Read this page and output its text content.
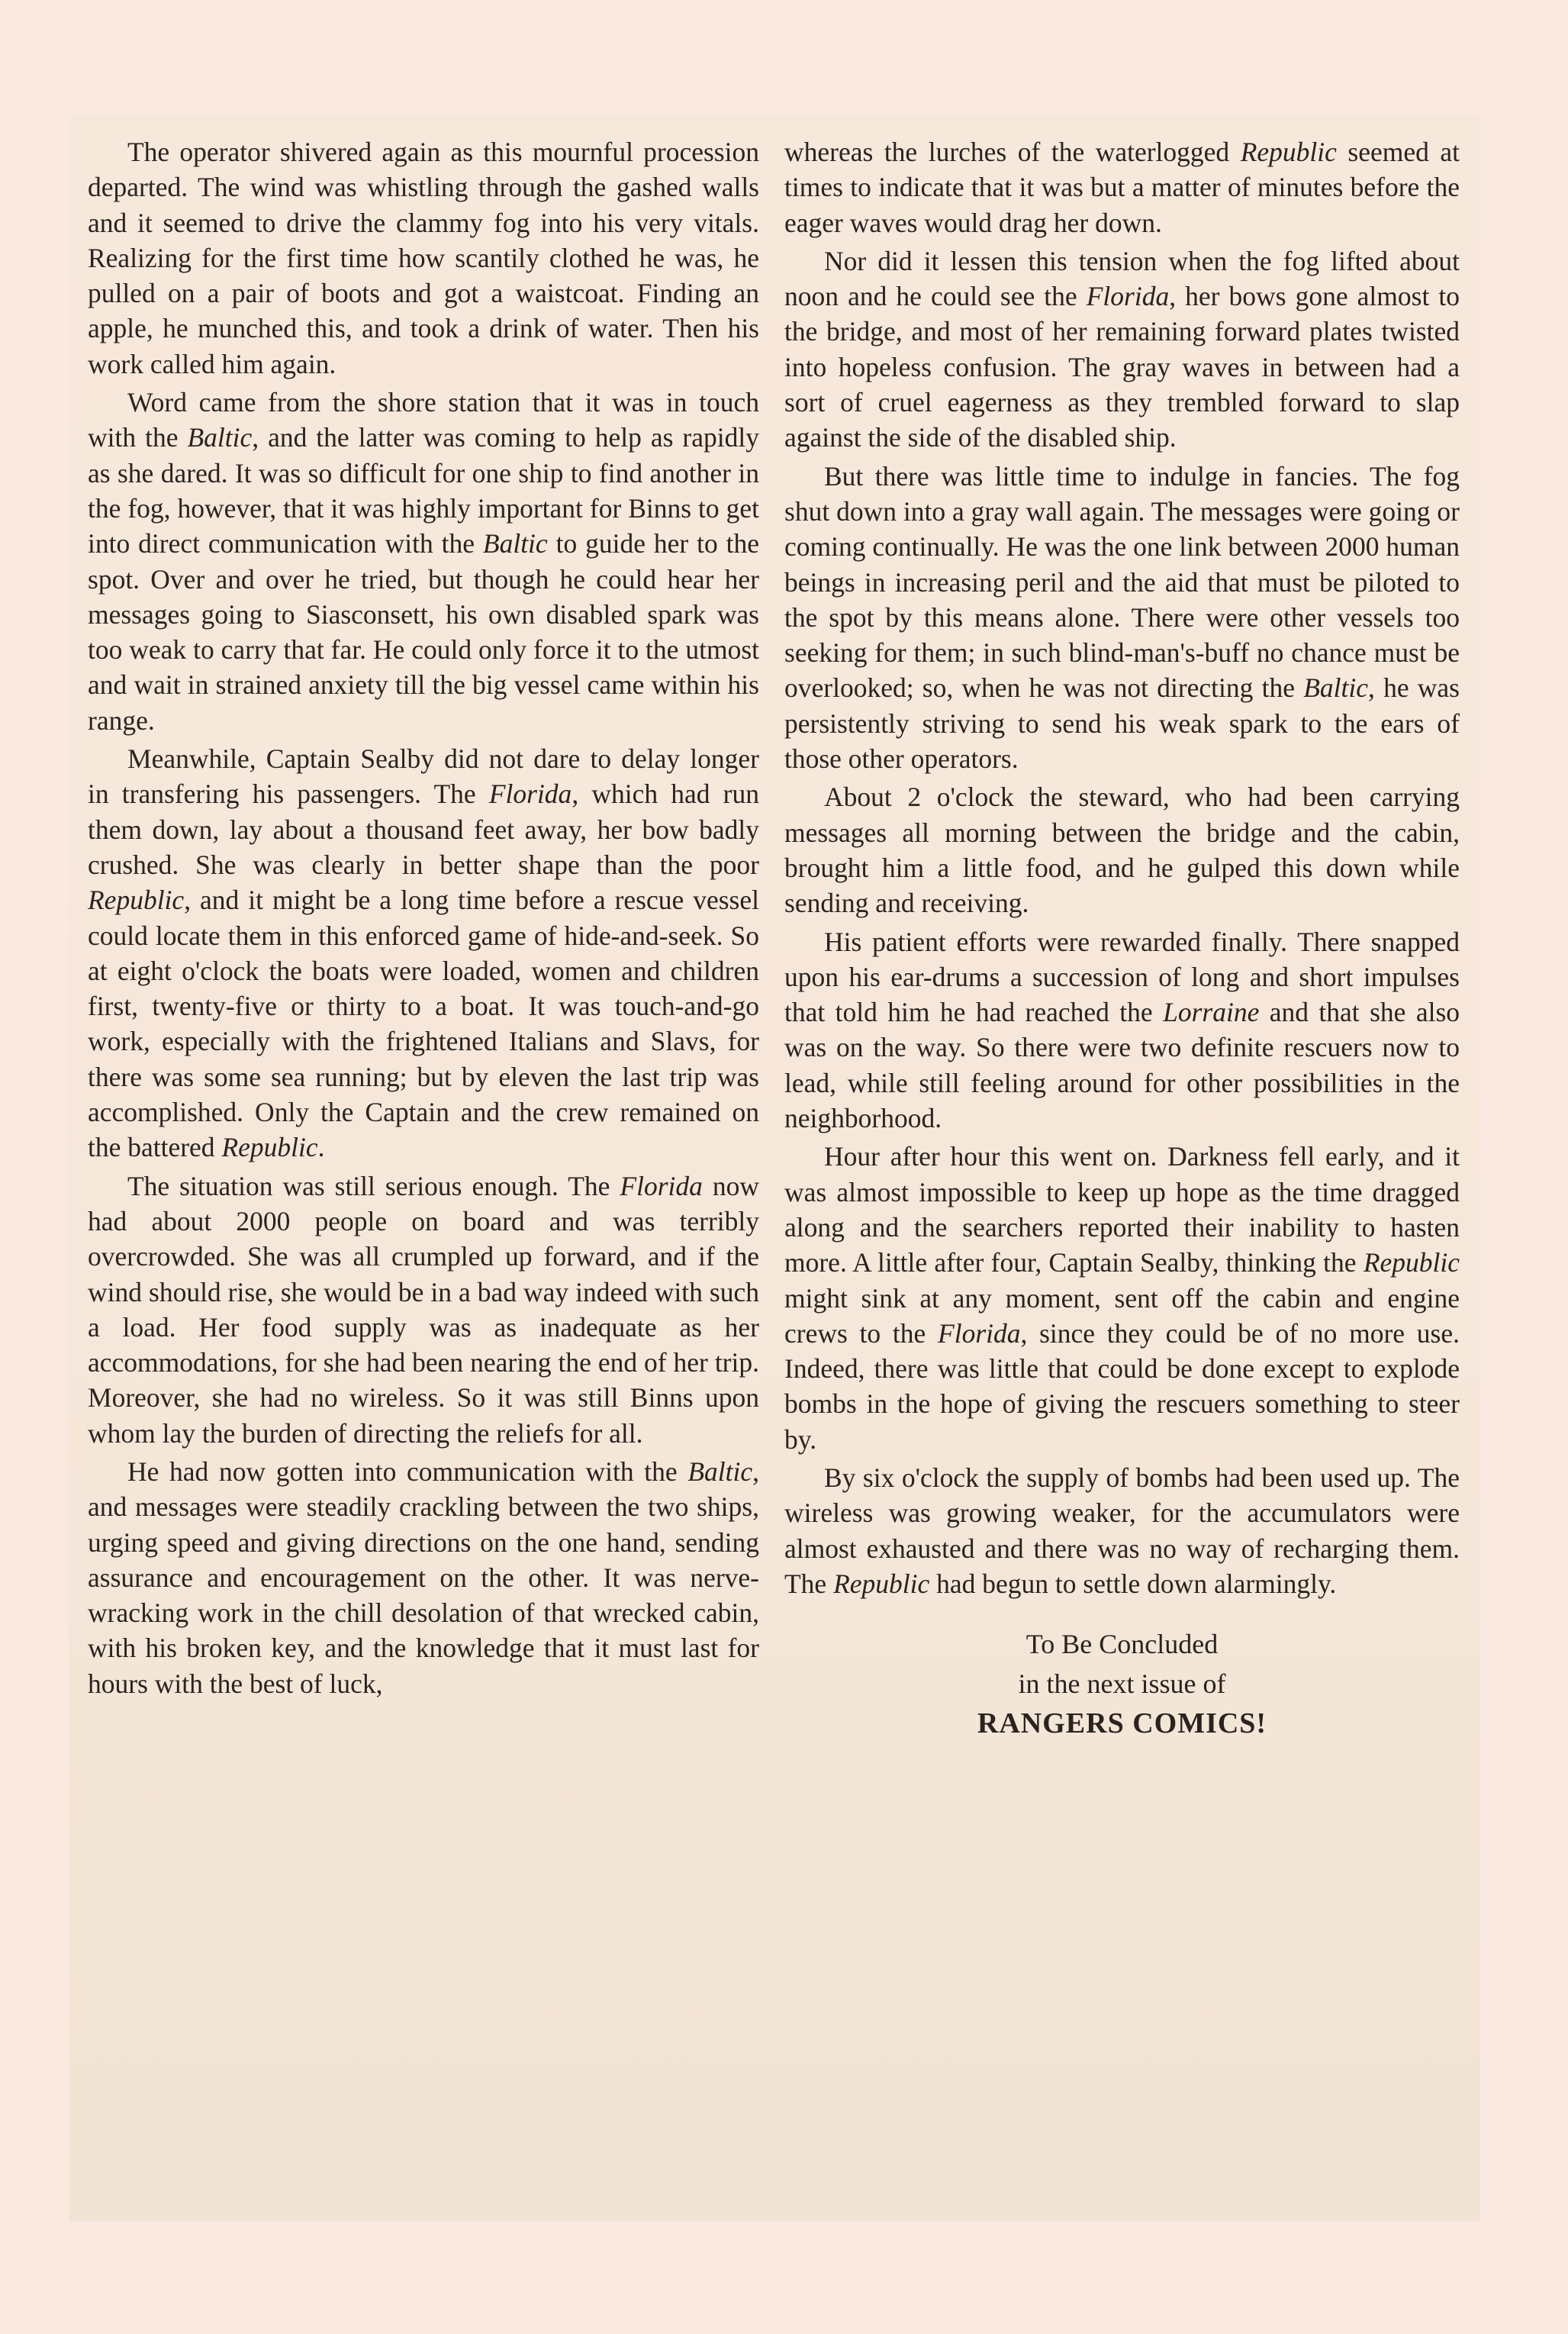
The operator shivered again as this mournful procession departed. The wind was whistling through the gashed walls and it seemed to drive the clammy fog into his very vitals. Realizing for the first time how scantily clothed he was, he pulled on a pair of boots and got a waistcoat. Finding an apple, he munched this, and took a drink of water. Then his work called him again.

Word came from the shore station that it was in touch with the Baltic, and the latter was coming to help as rapidly as she dared. It was so difficult for one ship to find another in the fog, however, that it was highly important for Binns to get into direct communication with the Baltic to guide her to the spot. Over and over he tried, but though he could hear her messages going to Siasconsett, his own disabled spark was too weak to carry that far. He could only force it to the utmost and wait in strained anxiety till the big vessel came within his range.

Meanwhile, Captain Sealby did not dare to delay longer in transfering his passengers. The Florida, which had run them down, lay about a thousand feet away, her bow badly crushed. She was clearly in better shape than the poor Republic, and it might be a long time before a rescue vessel could locate them in this enforced game of hide-and-seek. So at eight o'clock the boats were loaded, women and children first, twenty-five or thirty to a boat. It was touch-and-go work, especially with the frightened Italians and Slavs, for there was some sea running; but by eleven the last trip was accomplished. Only the Captain and the crew remained on the battered Republic.

The situation was still serious enough. The Florida now had about 2000 people on board and was terribly overcrowded. She was all crumpled up forward, and if the wind should rise, she would be in a bad way indeed with such a load. Her food supply was as inadequate as her accommodations, for she had been nearing the end of her trip. Moreover, she had no wireless. So it was still Binns upon whom lay the burden of directing the reliefs for all.

He had now gotten into communication with the Baltic, and messages were steadily crackling between the two ships, urging speed and giving directions on the one hand, sending assurance and encouragement on the other. It was nerve-wracking work in the chill desolation of that wrecked cabin, with his broken key, and the knowledge that it must last for hours with the best of luck,

whereas the lurches of the waterlogged Republic seemed at times to indicate that it was but a matter of minutes before the eager waves would drag her down.

Nor did it lessen this tension when the fog lifted about noon and he could see the Florida, her bows gone almost to the bridge, and most of her remaining forward plates twisted into hopeless confusion. The gray waves in between had a sort of cruel eagerness as they trembled forward to slap against the side of the disabled ship.

But there was little time to indulge in fancies. The fog shut down into a gray wall again. The messages were going or coming continually. He was the one link between 2000 human beings in increasing peril and the aid that must be piloted to the spot by this means alone. There were other vessels too seeking for them; in such blind-man's-buff no chance must be overlooked; so, when he was not directing the Baltic, he was persistently striving to send his weak spark to the ears of those other operators.

About 2 o'clock the steward, who had been carrying messages all morning between the bridge and the cabin, brought him a little food, and he gulped this down while sending and receiving.

His patient efforts were rewarded finally. There snapped upon his ear-drums a succession of long and short impulses that told him he had reached the Lorraine and that she also was on the way. So there were two definite rescuers now to lead, while still feeling around for other possibilities in the neighborhood.

Hour after hour this went on. Darkness fell early, and it was almost impossible to keep up hope as the time dragged along and the searchers reported their inability to hasten more. A little after four, Captain Sealby, thinking the Republic might sink at any moment, sent off the cabin and engine crews to the Florida, since they could be of no more use. Indeed, there was little that could be done except to explode bombs in the hope of giving the rescuers something to steer by.

By six o'clock the supply of bombs had been used up. The wireless was growing weaker, for the accumulators were almost exhausted and there was no way of recharging them. The Republic had begun to settle down alarmingly.

To Be Concluded
in the next issue of
RANGERS COMICS!
